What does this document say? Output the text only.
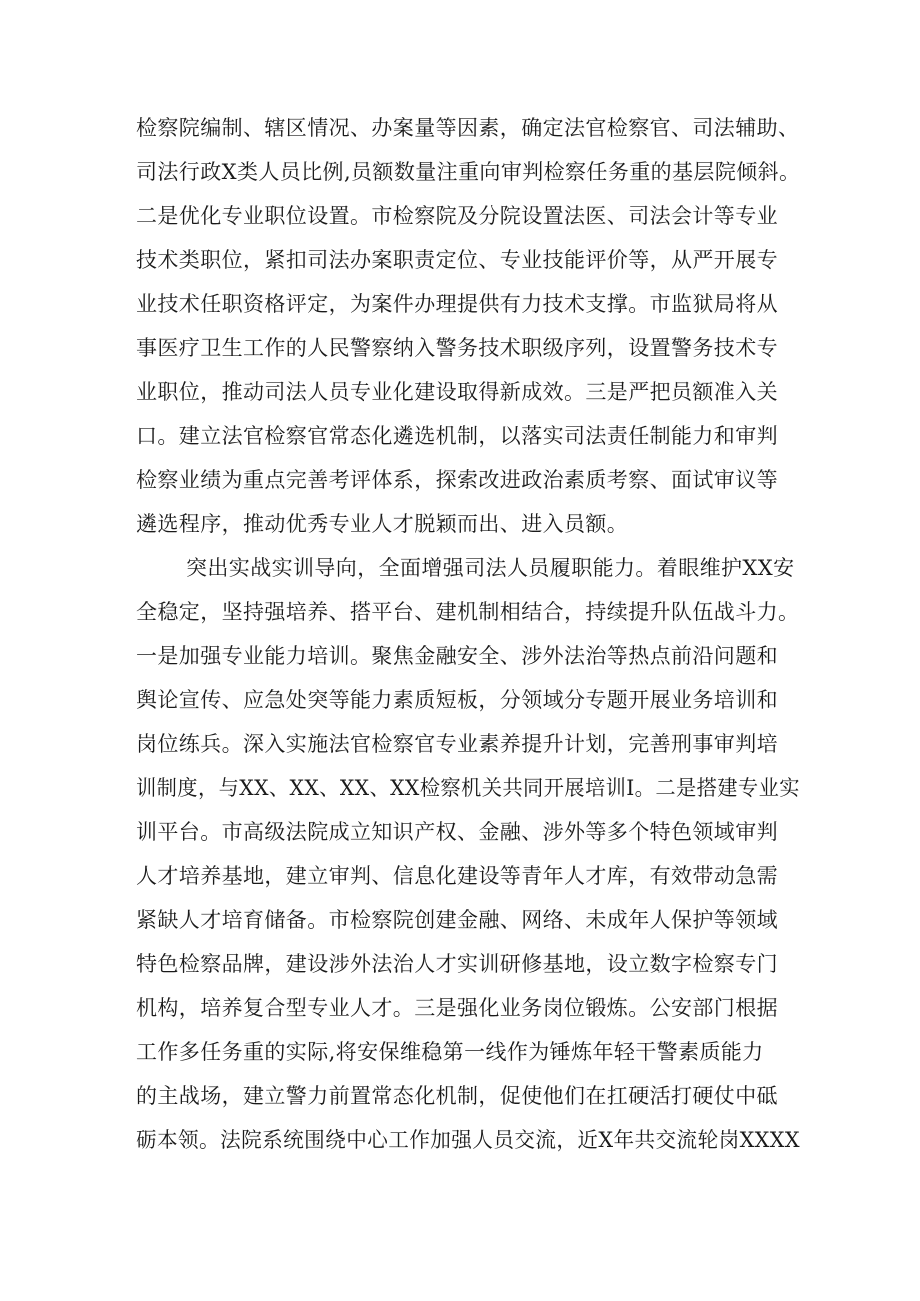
检察院编制、辖区情况、办案量等因素，确定法官检察官、司法辅助、
司法行政X类人员比例,员额数量注重向审判检察任务重的基层院倾斜。
二是优化专业职位设置。市检察院及分院设置法医、司法会计等专业
技术类职位，紧扣司法办案职责定位、专业技能评价等，从严开展专
业技术任职资格评定，为案件办理提供有力技术支撑。市监狱局将从
事医疗卫生工作的人民警察纳入警务技术职级序列，设置警务技术专
业职位，推动司法人员专业化建设取得新成效。三是严把员额准入关
口。建立法官检察官常态化遴选机制，以落实司法责任制能力和审判
检察业绩为重点完善考评体系，探索改进政治素质考察、面试审议等
遴选程序，推动优秀专业人才脱颖而出、进入员额。
突出实战实训导向，全面增强司法人员履职能力。着眼维护XX安
全稳定，坚持强培养、搭平台、建机制相结合，持续提升队伍战斗力。
一是加强专业能力培训。聚焦金融安全、涉外法治等热点前沿问题和
舆论宣传、应急处突等能力素质短板，分领域分专题开展业务培训和
岗位练兵。深入实施法官检察官专业素养提升计划，完善刑事审判培
训制度，与XX、XX、XX、XX检察机关共同开展培训I。二是搭建专业实
训平台。市高级法院成立知识产权、金融、涉外等多个特色领域审判
人才培养基地，建立审判、信息化建设等青年人才库，有效带动急需
紧缺人才培育储备。市检察院创建金融、网络、未成年人保护等领域
特色检察品牌，建设涉外法治人才实训研修基地，设立数字检察专门
机构，培养复合型专业人才。三是强化业务岗位锻炼。公安部门根据
工作多任务重的实际,将安保维稳第一线作为锤炼年轻干警素质能力
的主战场，建立警力前置常态化机制，促使他们在扛硬活打硬仗中砥
砺本领。法院系统围绕中心工作加强人员交流，近X年共交流轮岗XXXX
